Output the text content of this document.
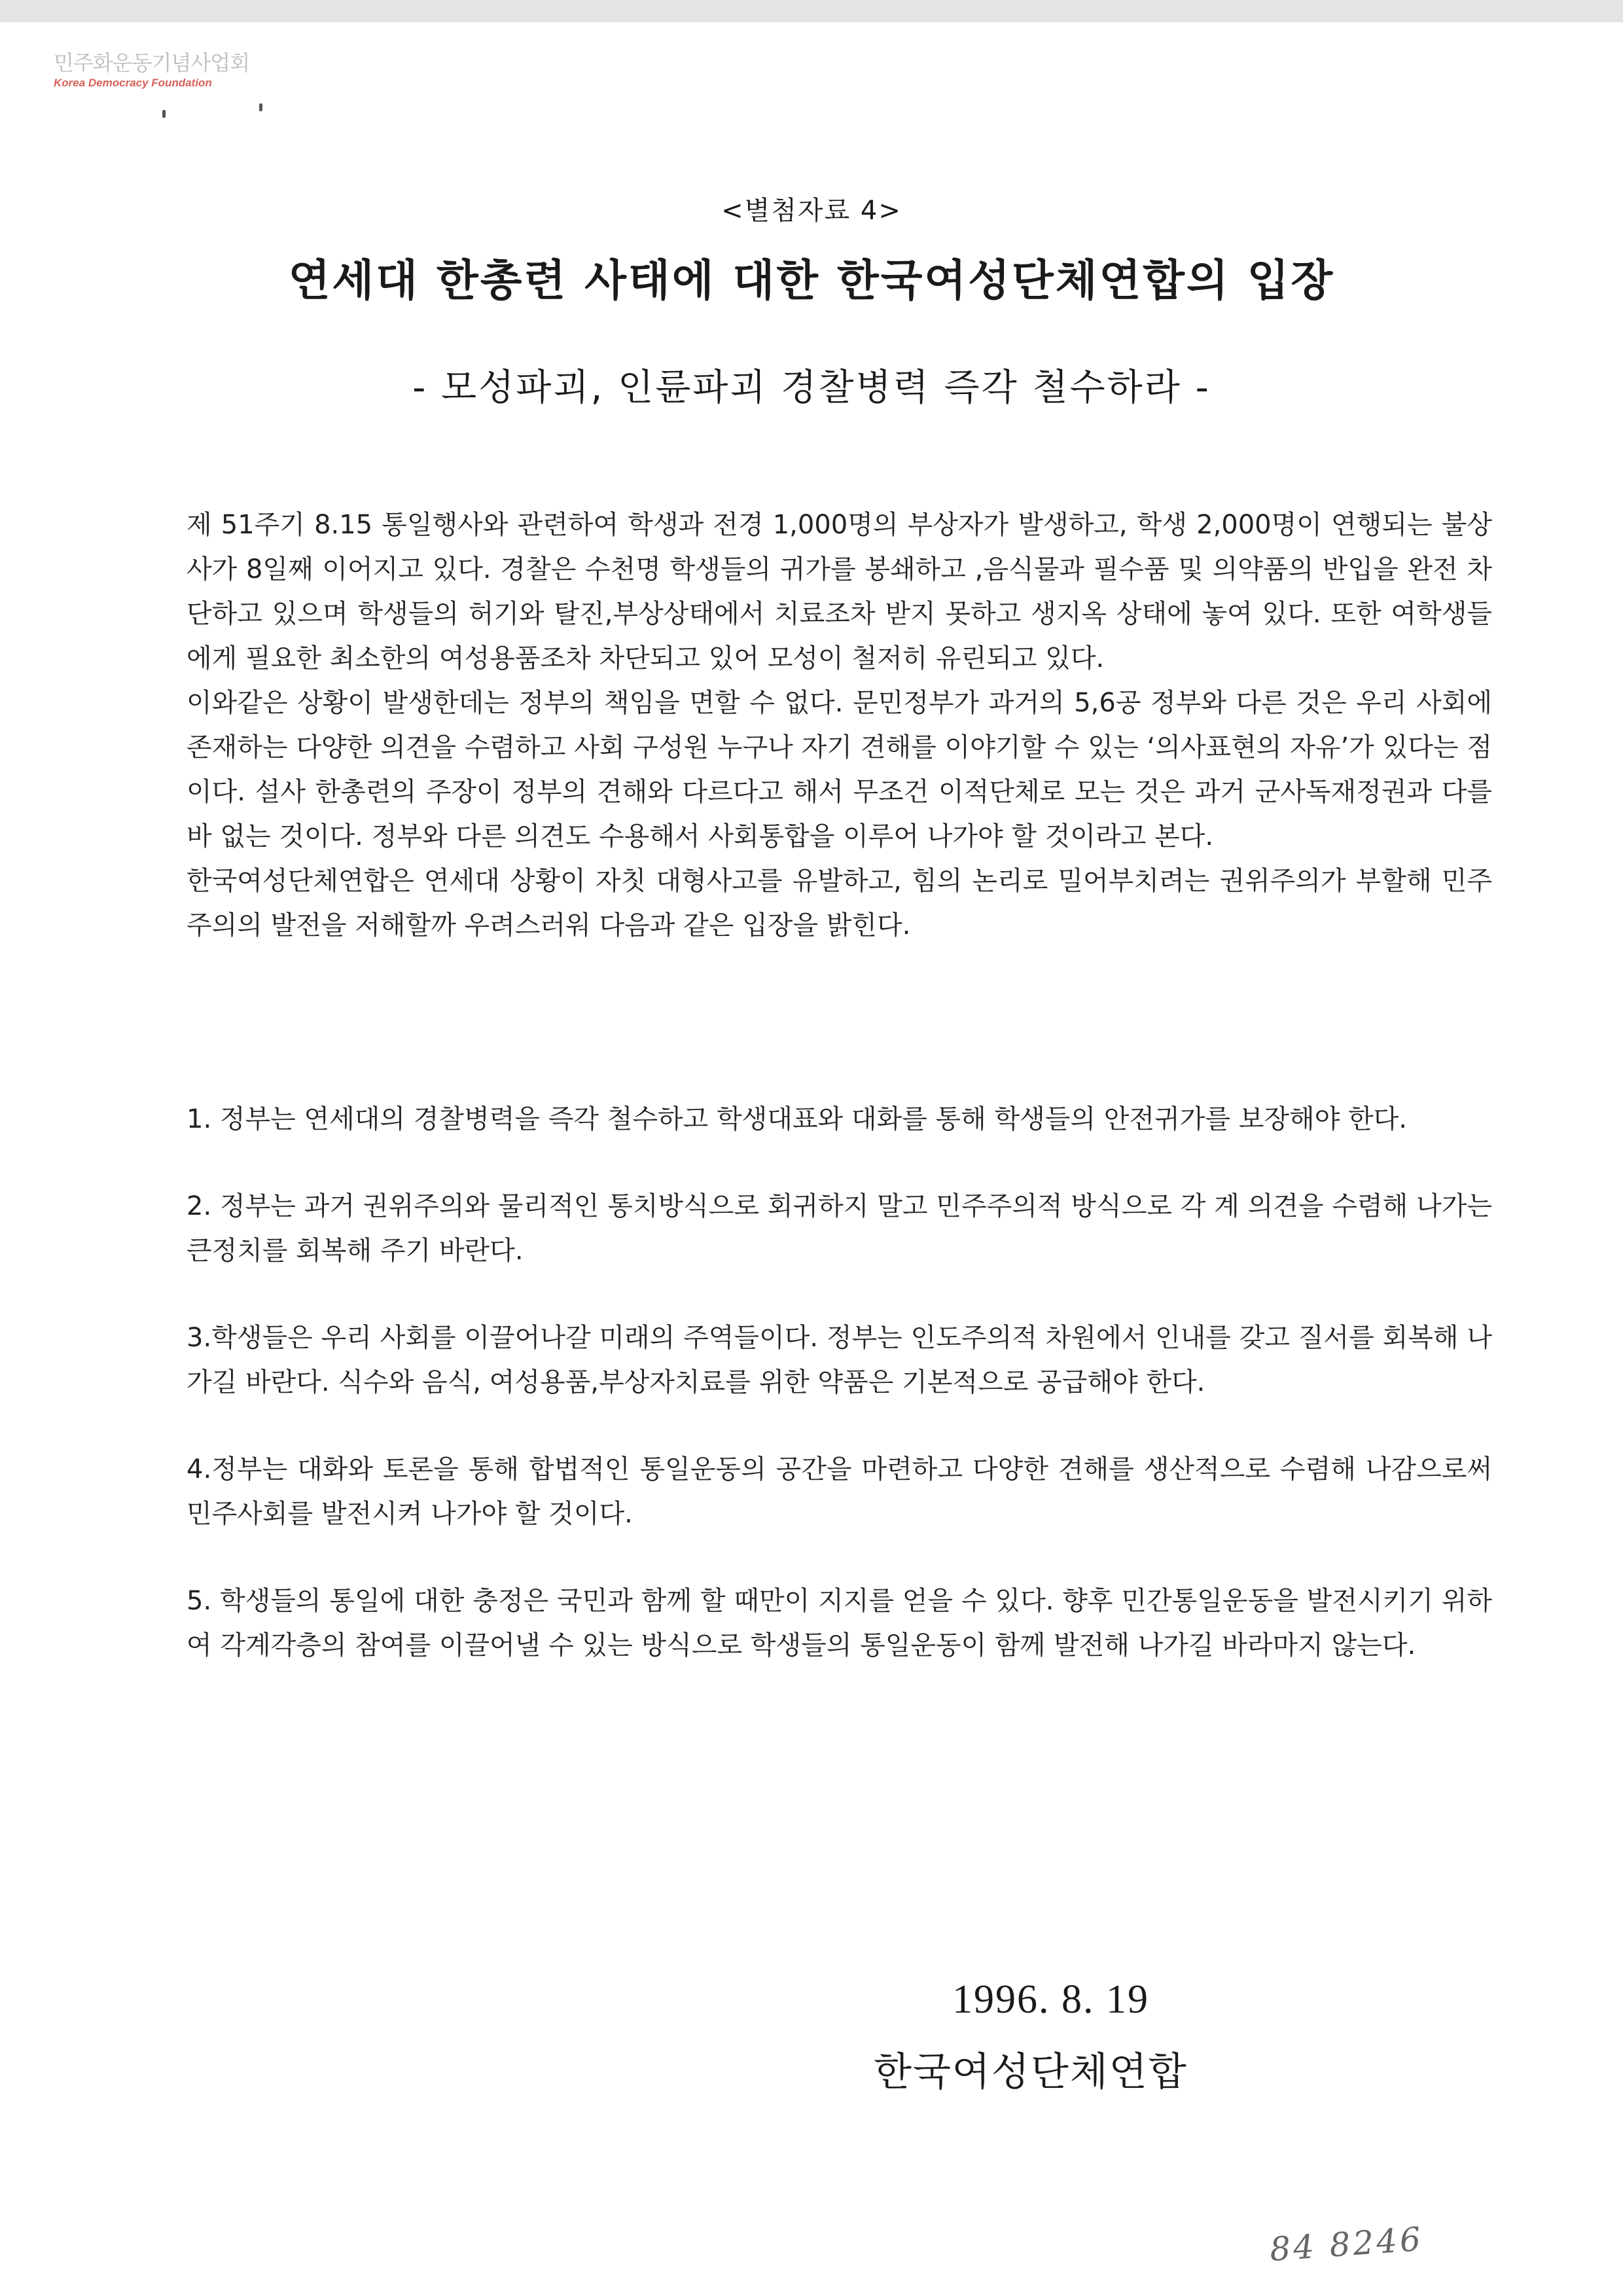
민주화운동기념사업회
Korea Democracy Foundation
<별첨자료 4>
연세대 한총련 사태에 대한 한국여성단체연합의 입장
- 모성파괴, 인륜파괴 경찰병력 즉각 철수하라 -

제 51주기 8.15 통일행사와 관련하여 학생과 전경 1,000명의 부상자가 발생하고, 학생 2,000명이 연행되는 불상사가 8일째 이어지고 있다. 경찰은 수천명 학생들의 귀가를 봉쇄하고 ,음식물과 필수품 및 의약품의 반입을 완전 차단하고 있으며 학생들의 허기와 탈진,부상상태에서 치료조차 받지 못하고 생지옥 상태에 놓여 있다. 또한 여학생들에게 필요한 최소한의 여성용품조차 차단되고 있어 모성이 철저히 유린되고 있다.

이와같은 상황이 발생한데는 정부의 책임을 면할 수 없다. 문민정부가 과거의 5,6공 정부와 다른 것은 우리 사회에 존재하는 다양한 의견을 수렴하고 사회 구성원 누구나 자기 견해를 이야기할 수 있는 ‘의사표현의 자유’가 있다는 점이다. 설사 한총련의 주장이 정부의 견해와 다르다고 해서 무조건 이적단체로 모는 것은 과거 군사독재정권과 다를바 없는 것이다. 정부와 다른 의견도 수용해서 사회통합을 이루어 나가야 할 것이라고 본다.

한국여성단체연합은 연세대 상황이 자칫 대형사고를 유발하고, 힘의 논리로 밀어부치려는 권위주의가 부할해 민주주의의 발전을 저해할까 우려스러워 다음과 같은 입장을 밝힌다.

1. 정부는 연세대의 경찰병력을 즉각 철수하고 학생대표와 대화를 통해 학생들의 안전귀가를 보장해야 한다.

2. 정부는 과거 권위주의와 물리적인 통치방식으로 회귀하지 말고 민주주의적 방식으로 각 계 의견을 수렴해 나가는 큰정치를 회복해 주기 바란다.

3.학생들은 우리 사회를 이끌어나갈 미래의 주역들이다. 정부는 인도주의적 차원에서 인내를 갖고 질서를 회복해 나가길 바란다. 식수와 음식, 여성용품,부상자치료를 위한 약품은 기본적으로 공급해야 한다.

4.정부는 대화와 토론을 통해 합법적인 통일운동의 공간을 마련하고 다양한 견해를 생산적으로 수렴해 나감으로써 민주사회를 발전시켜 나가야 할 것이다.

5. 학생들의 통일에 대한 충정은 국민과 함께 할 때만이 지지를 얻을 수 있다. 향후 민간통일운동을 발전시키기 위하여 각계각층의 참여를 이끌어낼 수 있는 방식으로 학생들의 통일운동이 함께 발전해 나가길 바라마지 않는다.

1996. 8. 19
한국여성단체연합
84 8246
